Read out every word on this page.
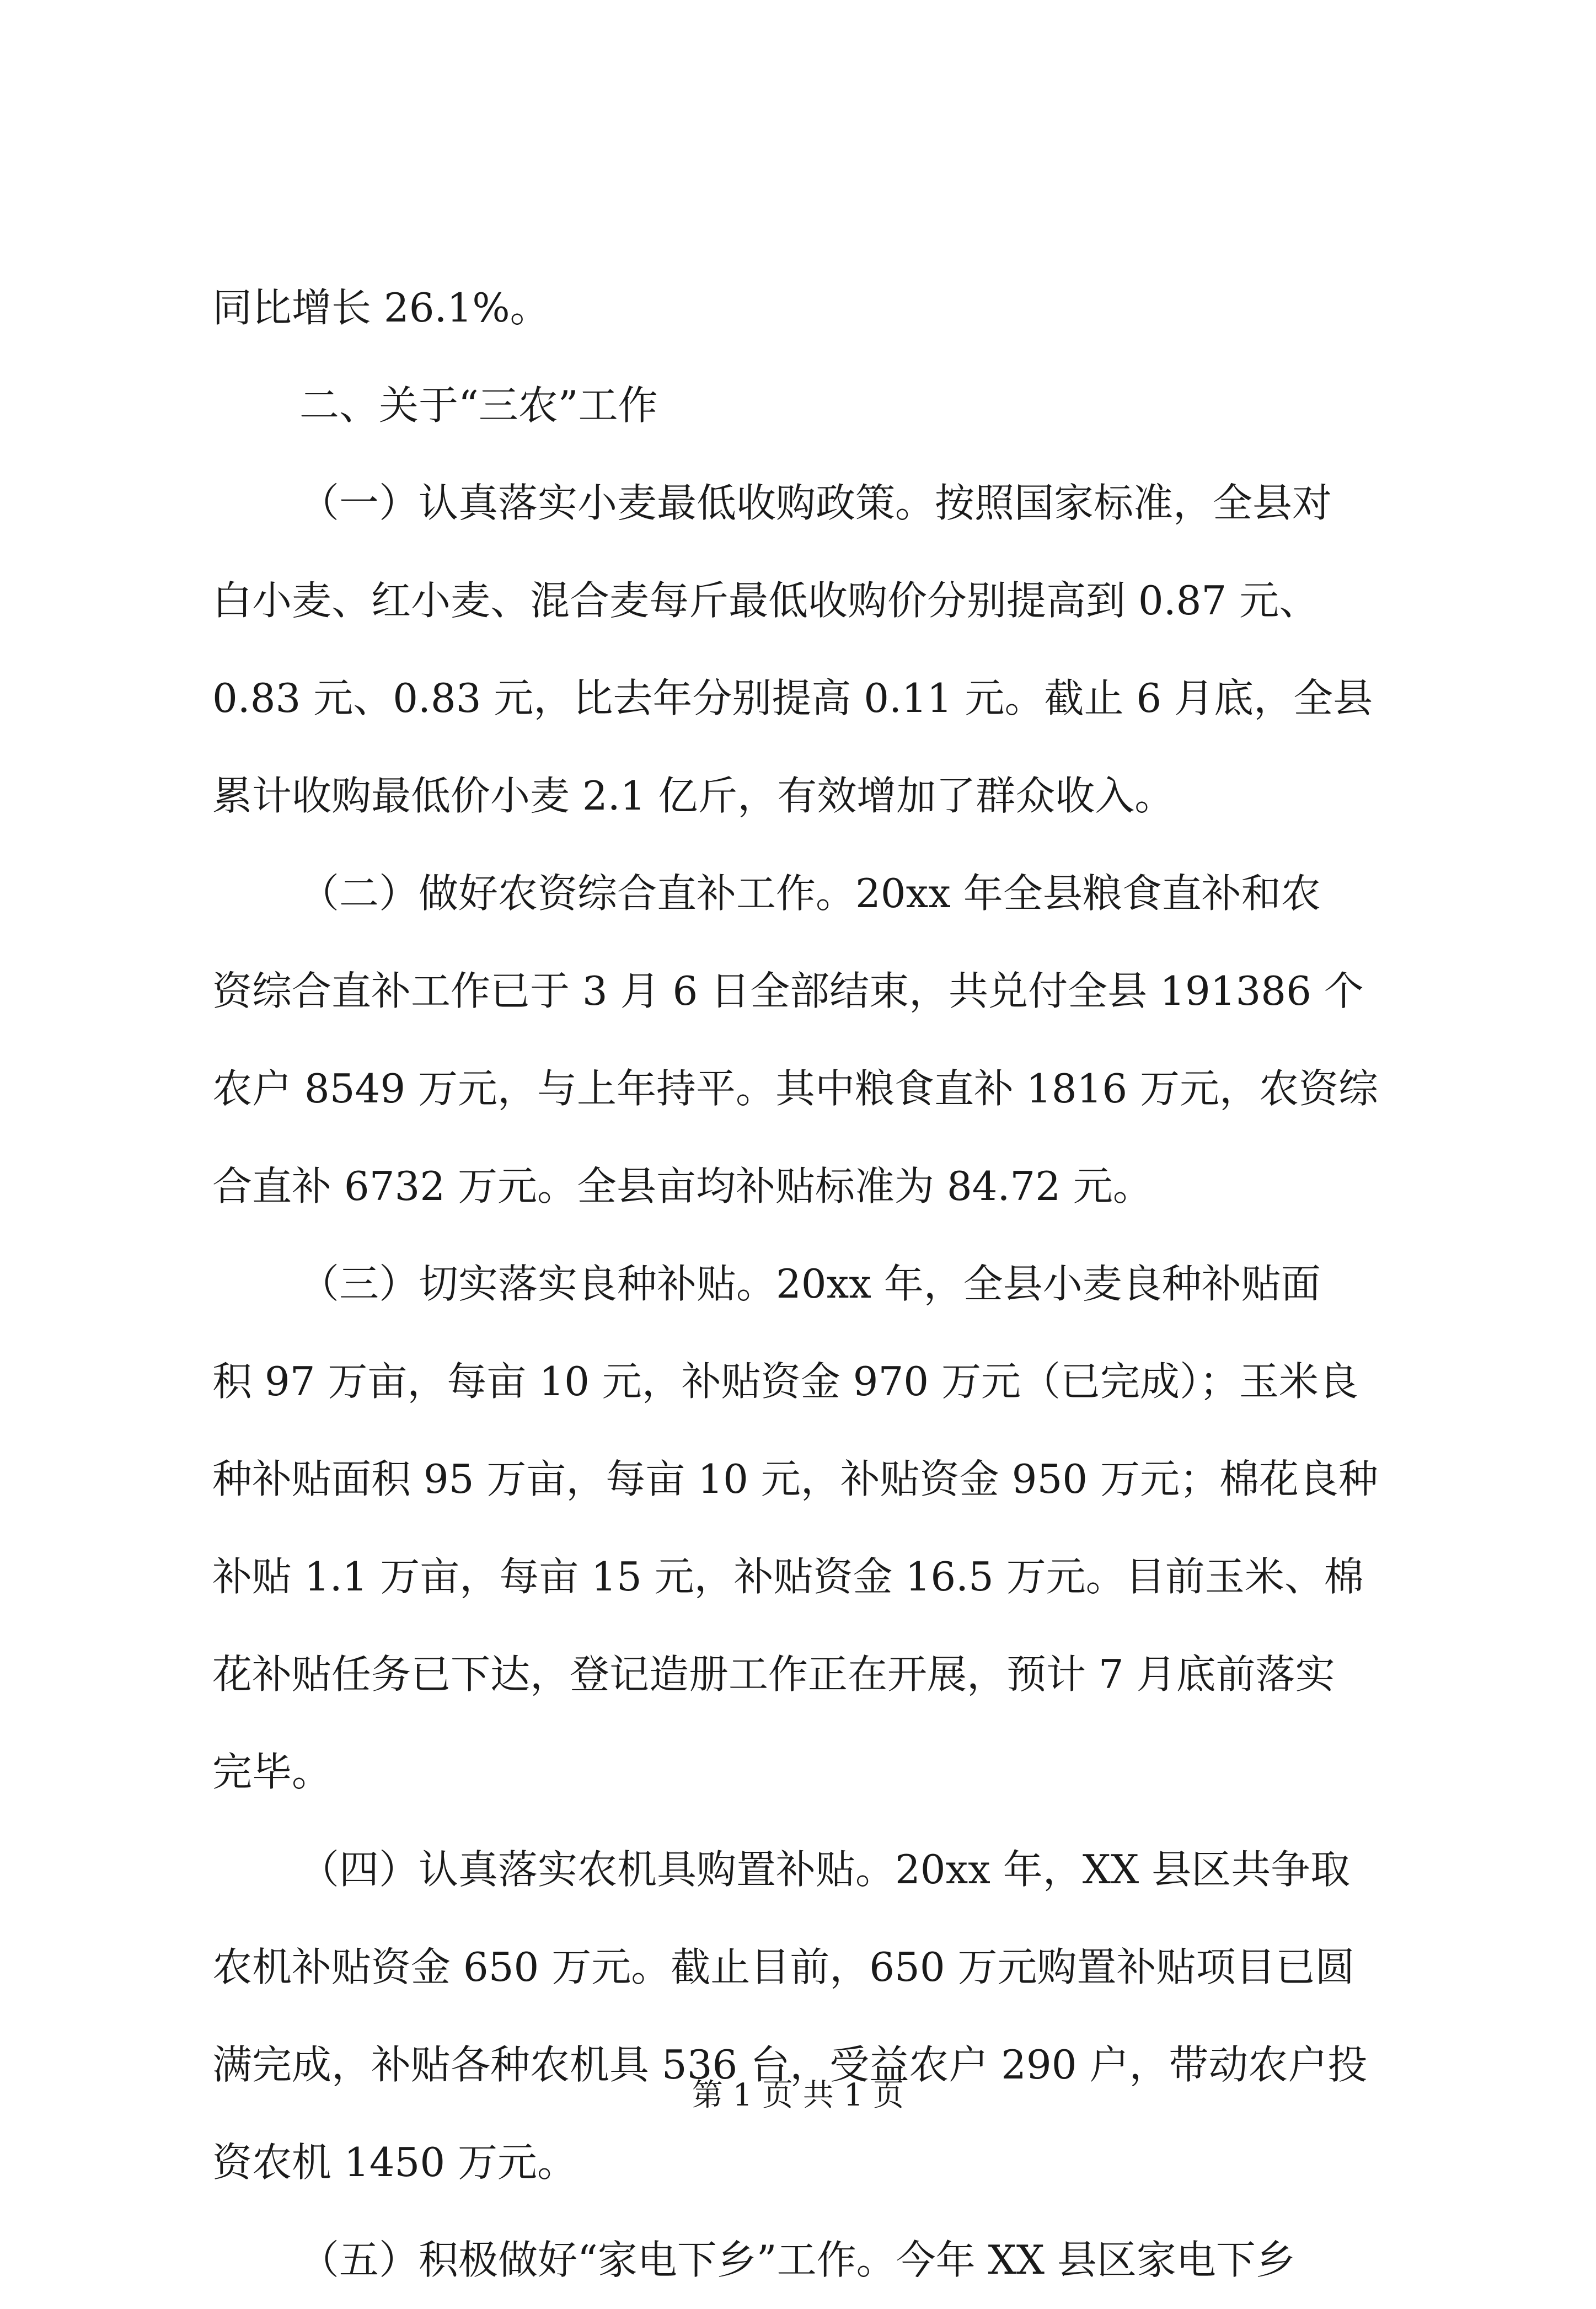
同比增长 26.1%。
二、关于“三农”工作
（一）认真落实小麦最低收购政策。按照国家标准，全县对
白小麦、红小麦、混合麦每斤最低收购价分别提高到 0.87 元、
0.83 元、0.83 元，比去年分别提高 0.11 元。截止 6 月底，全县
累计收购最低价小麦 2.1 亿斤，有效增加了群众收入。
（二）做好农资综合直补工作。20xx 年全县粮食直补和农
资综合直补工作已于 3 月 6 日全部结束，共兑付全县 191386 个
农户 8549 万元，与上年持平。其中粮食直补 1816 万元，农资综
合直补 6732 万元。全县亩均补贴标准为 84.72 元。
（三）切实落实良种补贴。20xx 年，全县小麦良种补贴面
积 97 万亩，每亩 10 元，补贴资金 970 万元（已完成）；玉米良
种补贴面积 95 万亩，每亩 10 元，补贴资金 950 万元；棉花良种
补贴 1.1 万亩，每亩 15 元，补贴资金 16.5 万元。目前玉米、棉
花补贴任务已下达，登记造册工作正在开展，预计 7 月底前落实
完毕。
（四）认真落实农机具购置补贴。20xx 年，XX 县区共争取
农机补贴资金 650 万元。截止目前，650 万元购置补贴项目已圆
满完成，补贴各种农机具 536 台，受益农户 290 户，带动农户投
资农机 1450 万元。
（五）积极做好“家电下乡”工作。今年 XX 县区家电下乡
第 1 页 共 1 页
